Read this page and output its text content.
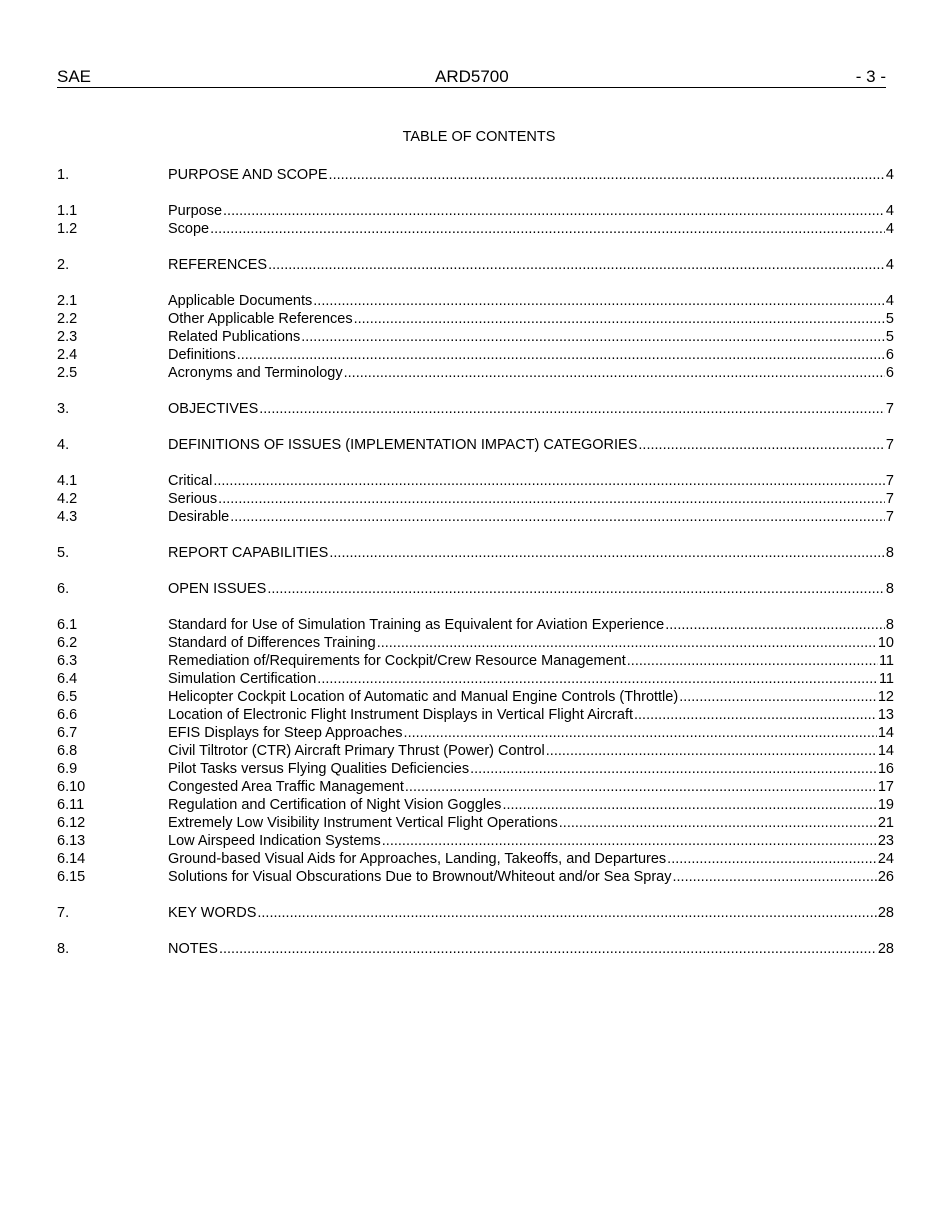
SAE	ARD5700	- 3 -
TABLE OF CONTENTS
1.	PURPOSE AND SCOPE .....	4
1.1	Purpose .....	4
1.2	Scope .....	4
2.	REFERENCES .....	4
2.1	Applicable Documents .....	4
2.2	Other Applicable References .....	5
2.3	Related Publications .....	5
2.4	Definitions .....	6
2.5	Acronyms and Terminology .....	6
3.	OBJECTIVES .....	7
4.	DEFINITIONS OF ISSUES (IMPLEMENTATION IMPACT) CATEGORIES .....	7
4.1	Critical .....	7
4.2	Serious .....	7
4.3	Desirable .....	7
5.	REPORT CAPABILITIES .....	8
6.	OPEN ISSUES .....	8
6.1	Standard for Use of Simulation Training as Equivalent for Aviation Experience .....	8
6.2	Standard of Differences Training .....	10
6.3	Remediation of/Requirements for Cockpit/Crew Resource Management .....	11
6.4	Simulation Certification .....	11
6.5	Helicopter Cockpit Location of Automatic and Manual Engine Controls (Throttle) .....	12
6.6	Location of Electronic Flight Instrument Displays in Vertical Flight Aircraft .....	13
6.7	EFIS Displays for Steep Approaches .....	14
6.8	Civil Tiltrotor (CTR) Aircraft Primary Thrust (Power) Control .....	14
6.9	Pilot Tasks versus Flying Qualities Deficiencies .....	16
6.10	Congested Area Traffic Management .....	17
6.11	Regulation and Certification of Night Vision Goggles .....	19
6.12	Extremely Low Visibility Instrument Vertical Flight Operations .....	21
6.13	Low Airspeed Indication Systems .....	23
6.14	Ground-based Visual Aids for Approaches, Landing, Takeoffs, and Departures .....	24
6.15	Solutions for Visual Obscurations Due to Brownout/Whiteout and/or Sea Spray .....	26
7.	KEY WORDS .....	28
8.	NOTES .....	28
